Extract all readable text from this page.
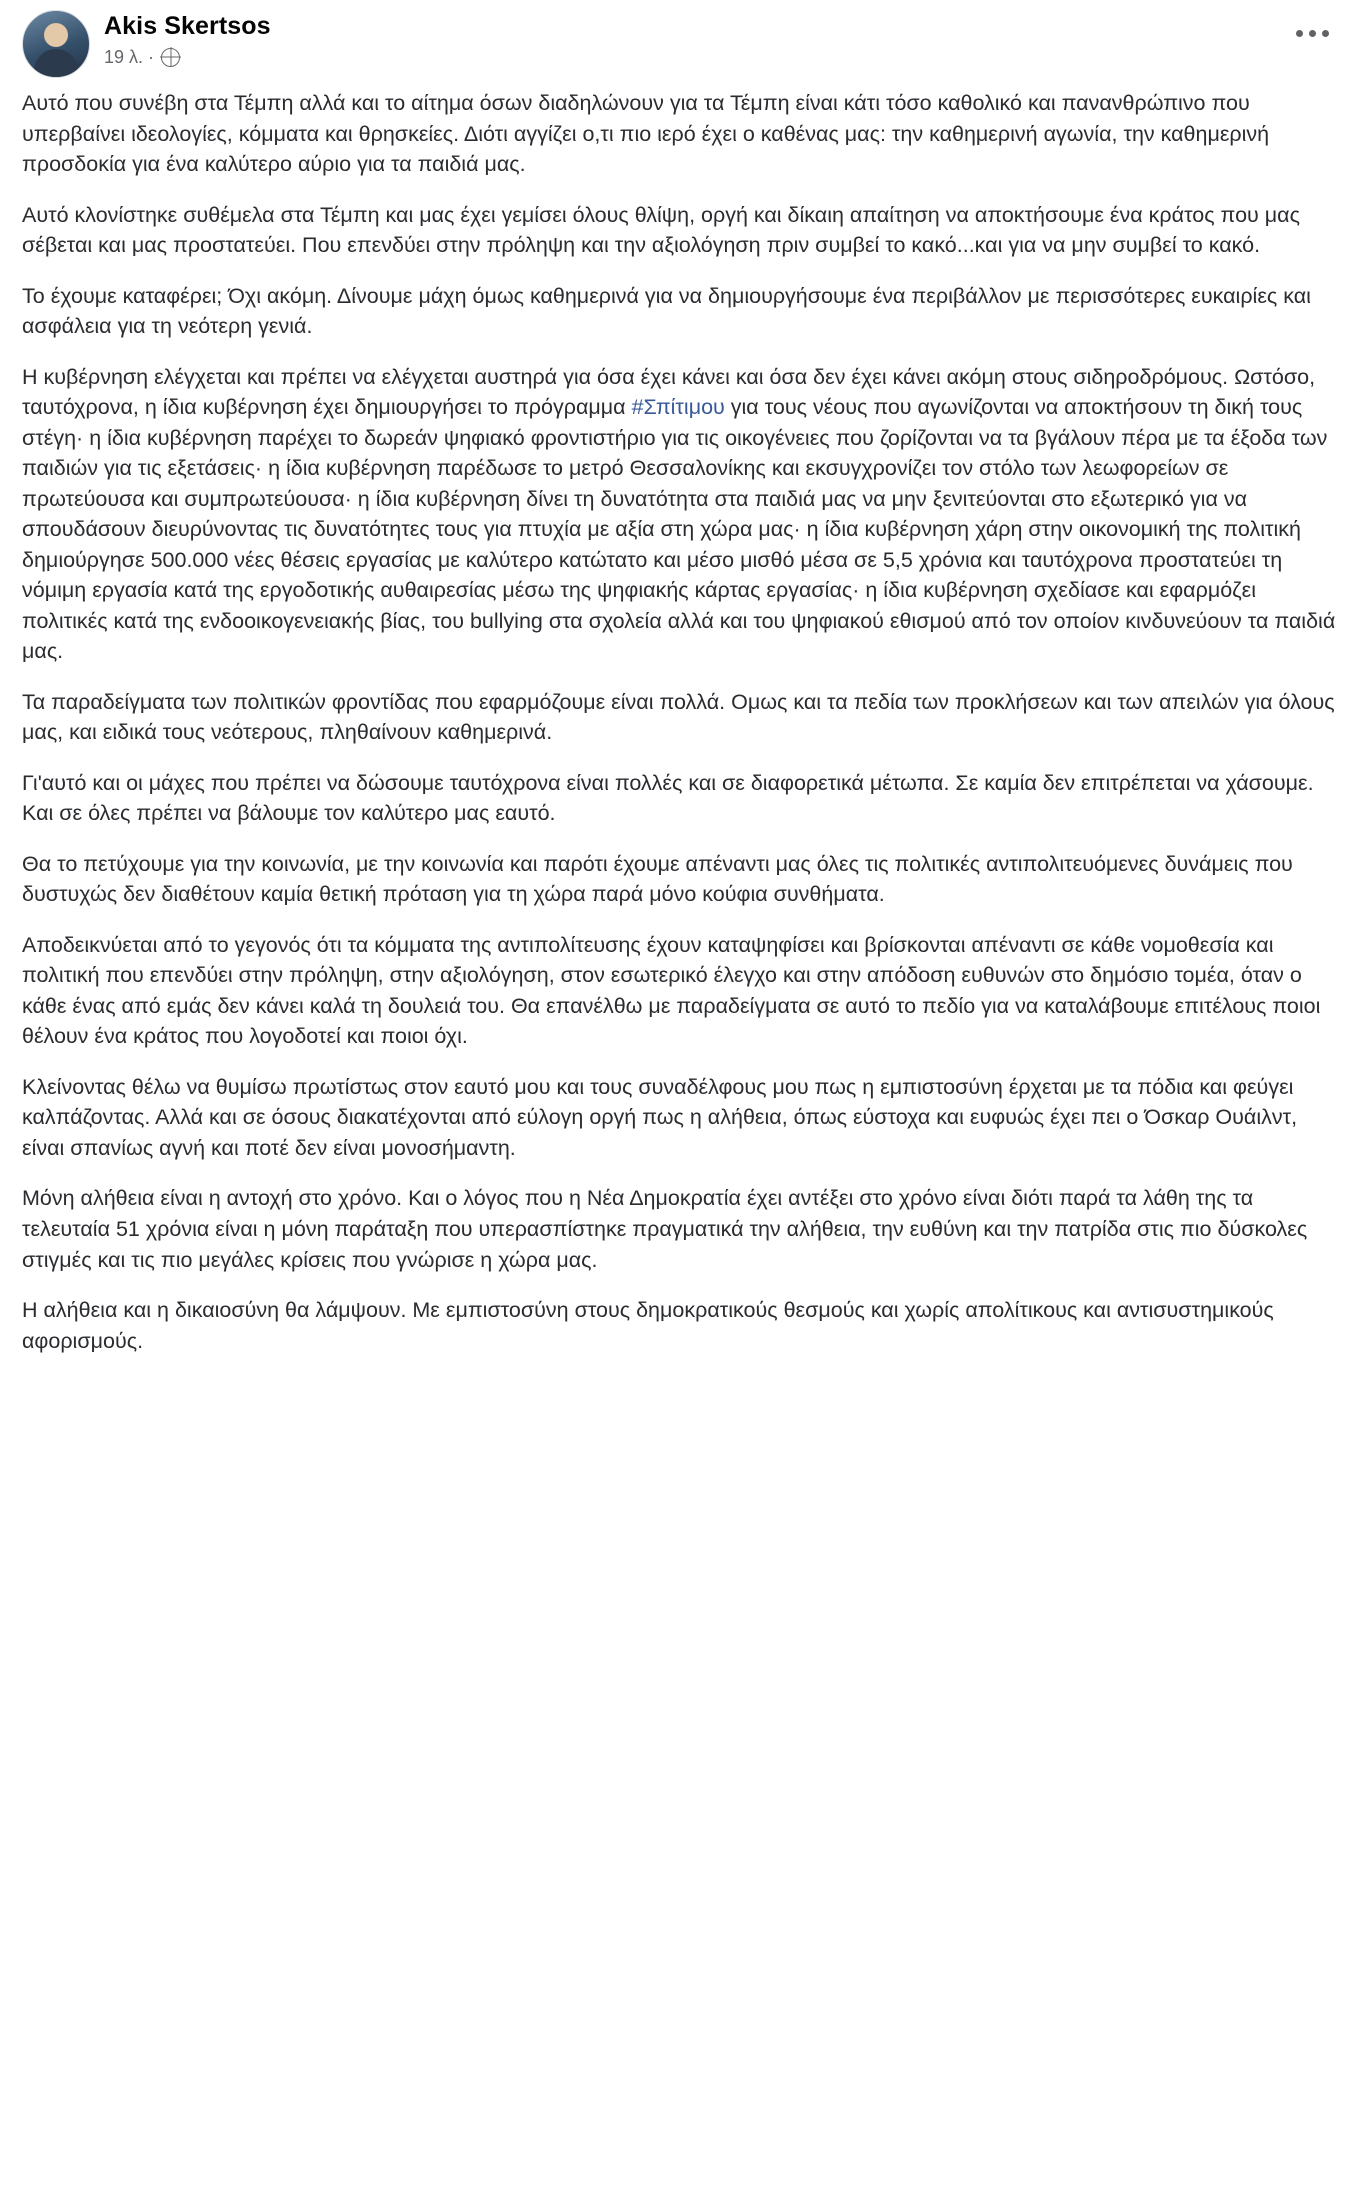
Akis Skertsos
19 λ. ·

Αυτό που συνέβη στα Τέμπη αλλά και το αίτημα όσων διαδηλώνουν για τα Τέμπη είναι κάτι τόσο καθολικό και πανανθρώπινο που υπερβαίνει ιδεολογίες, κόμματα και θρησκείες. Διότι αγγίζει ο,τι πιο ιερό έχει ο καθένας μας: την καθημερινή αγωνία, την καθημερινή προσδοκία για ένα καλύτερο αύριο για τα παιδιά μας.

Αυτό κλονίστηκε συθέμελα στα Τέμπη και μας έχει γεμίσει όλους θλίψη, οργή και δίκαιη απαίτηση να αποκτήσουμε ένα κράτος που μας σέβεται και μας προστατεύει. Που επενδύει στην πρόληψη και την αξιολόγηση πριν συμβεί το κακό...και για να μην συμβεί το κακό.

Το έχουμε καταφέρει; Όχι ακόμη. Δίνουμε μάχη όμως καθημερινά για να δημιουργήσουμε ένα περιβάλλον με περισσότερες ευκαιρίες και ασφάλεια για τη νεότερη γενιά.

Η κυβέρνηση ελέγχεται και πρέπει να ελέγχεται αυστηρά για όσα έχει κάνει και όσα δεν έχει κάνει ακόμη στους σιδηροδρόμους. Ωστόσο, ταυτόχρονα, η ίδια κυβέρνηση έχει δημιουργήσει το πρόγραμμα #Σπίτιμου για τους νέους που αγωνίζονται να αποκτήσουν τη δική τους στέγη· η ίδια κυβέρνηση παρέχει το δωρεάν ψηφιακό φροντιστήριο για τις οικογένειες που ζορίζονται να τα βγάλουν πέρα με τα έξοδα των παιδιών για τις εξετάσεις· η ίδια κυβέρνηση παρέδωσε το μετρό Θεσσαλονίκης και εκσυγχρονίζει τον στόλο των λεωφορείων σε πρωτεύουσα και συμπρωτεύουσα· η ίδια κυβέρνηση δίνει τη δυνατότητα στα παιδιά μας να μην ξενιτεύονται στο εξωτερικό για να σπουδάσουν διευρύνοντας τις δυνατότητες τους για πτυχία με αξία στη χώρα μας· η ίδια κυβέρνηση χάρη στην οικονομική της πολιτική δημιούργησε 500.000 νέες θέσεις εργασίας με καλύτερο κατώτατο και μέσο μισθό μέσα σε 5,5 χρόνια και ταυτόχρονα προστατεύει τη νόμιμη εργασία κατά της εργοδοτικής αυθαιρεσίας μέσω της ψηφιακής κάρτας εργασίας· η ίδια κυβέρνηση σχεδίασε και εφαρμόζει πολιτικές κατά της ενδοοικογενειακής βίας, του bullying στα σχολεία αλλά και του ψηφιακού εθισμού από τον οποίον κινδυνεύουν τα παιδιά μας.

Τα παραδείγματα των πολιτικών φροντίδας που εφαρμόζουμε είναι πολλά. Ομως και τα πεδία των προκλήσεων και των απειλών για όλους μας, και ειδικά τους νεότερους, πληθαίνουν καθημερινά.

Γι'αυτό και οι μάχες που πρέπει να δώσουμε ταυτόχρονα είναι πολλές και σε διαφορετικά μέτωπα. Σε καμία δεν επιτρέπεται να χάσουμε. Και σε όλες πρέπει να βάλουμε τον καλύτερο μας εαυτό.

Θα το πετύχουμε για την κοινωνία, με την κοινωνία και παρότι έχουμε απέναντι μας όλες τις πολιτικές αντιπολιτευόμενες δυνάμεις που δυστυχώς δεν διαθέτουν καμία θετική πρόταση για τη χώρα παρά μόνο κούφια συνθήματα.

Αποδεικνύεται από το γεγονός ότι τα κόμματα της αντιπολίτευσης έχουν καταψηφίσει και βρίσκονται απέναντι σε κάθε νομοθεσία και πολιτική που επενδύει στην πρόληψη, στην αξιολόγηση, στον εσωτερικό έλεγχο και στην απόδοση ευθυνών στο δημόσιο τομέα, όταν ο κάθε ένας από εμάς δεν κάνει καλά τη δουλειά του. Θα επανέλθω με παραδείγματα σε αυτό το πεδίο για να καταλάβουμε επιτέλους ποιοι θέλουν ένα κράτος που λογοδοτεί και ποιοι όχι.

Κλείνοντας θέλω να θυμίσω πρωτίστως στον εαυτό μου και τους συναδέλφους μου πως η εμπιστοσύνη έρχεται με τα πόδια και φεύγει καλπάζοντας. Αλλά και σε όσους διακατέχονται από εύλογη οργή πως η αλήθεια, όπως εύστοχα και ευφυώς έχει πει ο Όσκαρ Ουάιλντ, είναι σπανίως αγνή και ποτέ δεν είναι μονοσήμαντη.

Μόνη αλήθεια είναι η αντοχή στο χρόνο. Και ο λόγος που η Νέα Δημοκρατία έχει αντέξει στο χρόνο είναι διότι παρά τα λάθη της τα τελευταία 51 χρόνια είναι η μόνη παράταξη που υπερασπίστηκε πραγματικά την αλήθεια, την ευθύνη και την πατρίδα στις πιο δύσκολες στιγμές και τις πιο μεγάλες κρίσεις που γνώρισε η χώρα μας.

Η αλήθεια και η δικαιοσύνη θα λάμψουν. Με εμπιστοσύνη στους δημοκρατικούς θεσμούς και χωρίς απολίτικους και αντισυστημικούς αφορισμούς.
